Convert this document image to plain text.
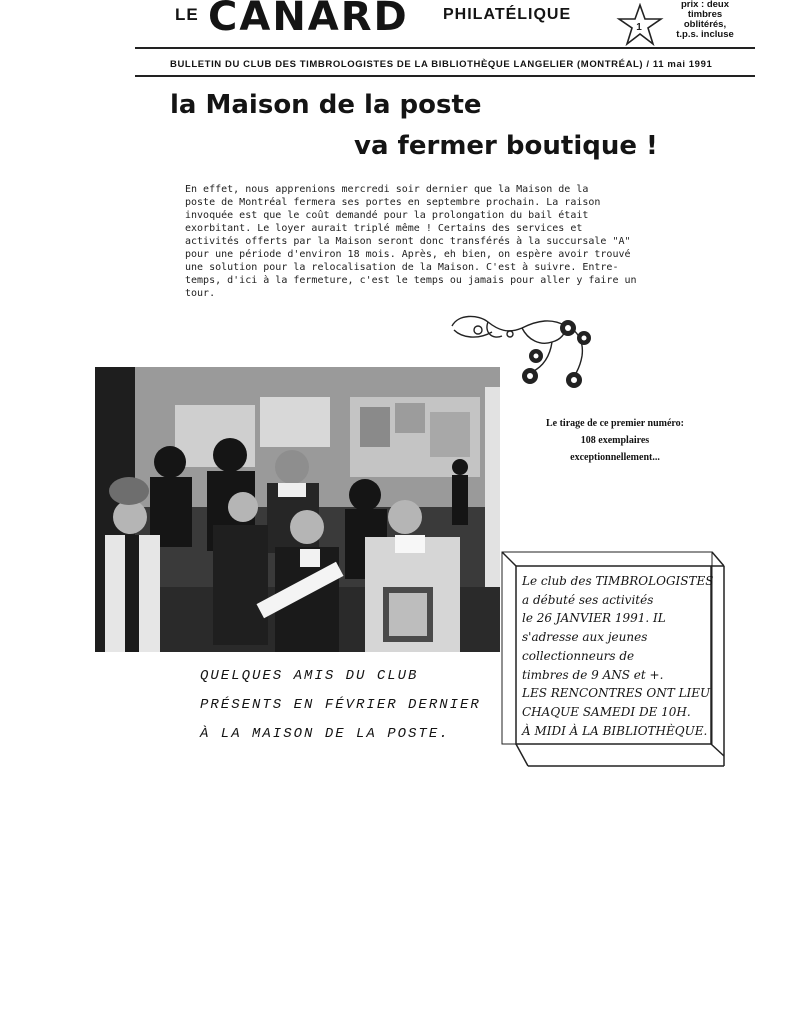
LE CANARD PHILATÉLIQUE
1
prix : deux
timbres
oblitérés,
t.p.s. incluse
BULLETIN DU CLUB DES TIMBROLOGISTES DE LA BIBLIOTHÈQUE LANGELIER (MONTRÉAL) / 11 mai 1991
la Maison de la poste
va fermer boutique !
En effet, nous apprenions mercredi soir dernier que la Maison de la
poste de Montréal fermera ses portes en septembre prochain. La raison
invoquée est que le coût demandé pour la prolongation du bail était
exorbitant. Le loyer aurait triplé même ! Certains des services et
activités offerts par la Maison seront donc transférés à la succursale "A"
pour une période d'environ 18 mois. Après, eh bien, on espère avoir trouvé
une solution pour la relocalisation de la Maison. C'est à suivre. Entre-
temps, d'ici à la fermeture, c'est le temps ou jamais pour aller y faire un
tour.
Le tirage de ce premier numéro:
108 exemplaires
exceptionnellement...
QUELQUES AMIS DU CLUB
PRÉSENTS EN FÉVRIER DERNIER
À LA MAISON DE LA POSTE.
Le club des TIMBROLOGISTES
a débuté ses activités
le 26 JANVIER 1991. IL
s'adresse aux jeunes
collectionneurs de
timbres de 9 ANS et +.
LES RENCONTRES ONT LIEU
CHAQUE SAMEDI DE 10H.
À MIDI À LA BIBLIOTHÈQUE.
